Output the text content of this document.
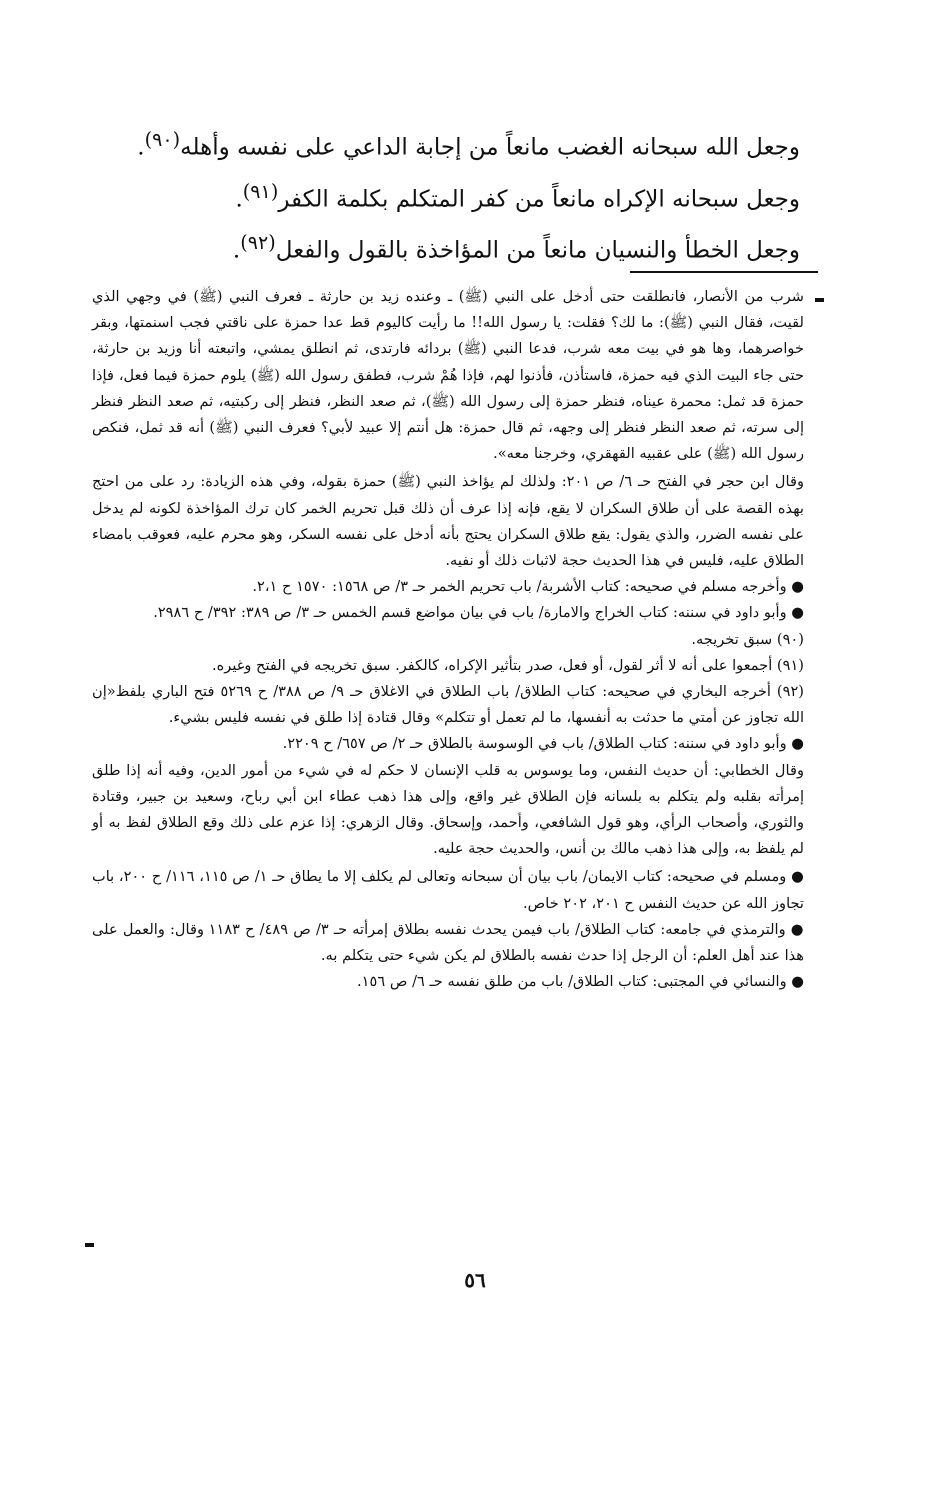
وجعل الله سبحانه الغضب مانعاً من إجابة الداعي على نفسه وأهله$^{(٩٠)}$.

وجعل سبحانه الإكراه مانعاً من كفر المتكلم بكلمة الكفر$^{(٩١)}$.

وجعل الخطأ والنسيان مانعاً من المؤاخذة بالقول والفعل$^{(٩٢)}$.

شرب من الأنصار، فانطلقت حتى أدخل على النبي (ﷺ) ـ وعنده زيد بن حارثة ـ فعرف النبي (ﷺ) في وجهي الذي لقيت، فقال النبي (ﷺ): ما لك؟ فقلت: يا رسول الله!! ما رأيت كاليوم قط عدا حمزة على ناقتي فجب اسنمتها، وبقر خواصرهما، وها هو في بيت معه شرب، فدعا النبي (ﷺ) بردائه فارتدى، ثم انطلق يمشي، واتبعته أنا وزيد بن حارثة، حتى جاء البيت الذي فيه حمزة، فاستأذن، فأذنوا لهم، فإذا هُمْ شرب، فطفق رسول الله (ﷺ) يلوم حمزة فيما فعل، فإذا حمزة قد ثمل: محمرة عيناه، فنظر حمزة إلى رسول الله (ﷺ)، ثم صعد النظر، فنظر إلى ركبتيه، ثم صعد النظر فنظر إلى سرته، ثم صعد النظر فنظر إلى وجهه، ثم قال حمزة: هل أنتم إلا عبيد لأبي؟ فعرف النبي (ﷺ) أنه قد ثمل، فنكص رسول الله (ﷺ) على عقبيه القهقري، وخرجنا معه».

وقال ابن حجر في الفتح حـ ٦/ ص ٢٠١: ولذلك لم يؤاخذ النبي (ﷺ) حمزة بقوله، وفي هذه الزيادة: رد على من احتج بهذه القصة على أن طلاق السكران لا يقع، فإنه إذا عرف أن ذلك قبل تحريم الخمر كان ترك المؤاخذة لكونه لم يدخل على نفسه الضرر، والذي يقول: يقع طلاق السكران يحتج بأنه أدخل على نفسه السكر، وهو محرم عليه، فعوقب بامضاء الطلاق عليه، فليس في هذا الحديث حجة لاثبات ذلك أو نفيه.

● وأخرجه مسلم في صحيحه: كتاب الأشربة/ باب تحريم الخمر حـ ٣/ ص ١٥٦٨: ١٥٧٠ ح ٢،١.

● وأبو داود في سننه: كتاب الخراج والامارة/ باب في بيان مواضع قسم الخمس حـ ٣/ ص ٣٨٩: ٣٩٢/ ح ٢٩٨٦.

(٩٠) سبق تخريجه.

(٩١) أجمعوا على أنه لا أثر لقول، أو فعل، صدر بتأثير الإكراه، كالكفر. سبق تخريجه في الفتح وغيره.

(٩٢) أخرجه البخاري في صحيحه: كتاب الطلاق/ باب الطلاق في الاغلاق حـ ٩/ ص ٣٨٨/ ح ٥٢٦٩ فتح الباري بلفظ«إن الله تجاوز عن أمتي ما حدثت به أنفسها، ما لم تعمل أو تتكلم» وقال قتادة إذا طلق في نفسه فليس بشيء.

● وأبو داود في سننه: كتاب الطلاق/ باب في الوسوسة بالطلاق حـ ٢/ ص ٦٥٧/ ح ٢٢٠٩.

وقال الخطابي: أن حديث النفس، وما يوسوس به قلب الإنسان لا حكم له في شيء من أمور الدين، وفيه أنه إذا طلق إمرأته بقلبه ولم يتكلم به بلسانه فإن الطلاق غير واقع، وإلى هذا ذهب عطاء ابن أبي رباح، وسعيد بن جبير، وقتادة والثوري، وأصحاب الرأي، وهو قول الشافعي، وأحمد، وإسحاق. وقال الزهري: إذا عزم على ذلك وقع الطلاق لفظ به أو لم يلفظ به، وإلى هذا ذهب مالك بن أنس، والحديث حجة عليه.

● ومسلم في صحيحه: كتاب الايمان/ باب بيان أن سبحانه وتعالى لم يكلف إلا ما يطاق حـ ١/ ص ١١٥، ١١٦/ ح ٢٠٠، باب تجاوز الله عن حديث النفس ح ٢٠١، ٢٠٢ خاص.

● والترمذي في جامعه: كتاب الطلاق/ باب فيمن يحدث نفسه بطلاق إمرأته حـ ٣/ ص ٤٨٩/ ح ١١٨٣ وقال: والعمل على هذا عند أهل العلم: أن الرجل إذا حدث نفسه بالطلاق لم يكن شيء حتى يتكلم به.

● والنسائي في المجتبى: كتاب الطلاق/ باب من طلق نفسه حـ ٦/ ص ١٥٦.

٥٦
